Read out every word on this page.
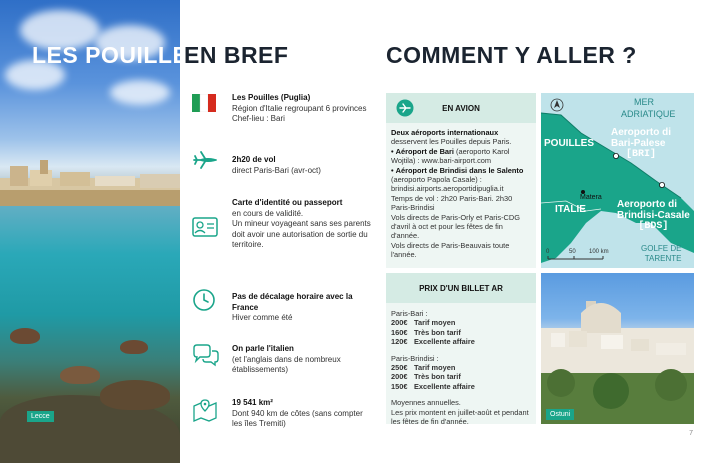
Lecce
LES POUILLES
EN BREF	COMMENT Y ALLER ?
Les Pouilles (Puglia)
Région d'Italie regroupant 6 provinces
Chef-lieu : Bari
2h20 de vol
direct Paris-Bari (avr-oct)
Carte d'identité ou passeport
en cours de validité.
Un mineur voyageant sans ses parents doit avoir une autorisation de sortie du territoire.
Pas de décalage horaire avec la France
Hiver comme été
On parle l'italien
(et l'anglais dans de nombreux établissements)
19 541 km²
Dont 940 km de côtes (sans compter les îles Tremiti)
EN AVION
Deux aéroports internationaux
desservent les Pouilles depuis Paris.
• Aéroport de Bari (aeroporto Karol Wojtila) : www.bari-airport.com
• Aéroport de Brindisi dans le Salento (aeroporto Papola Casale) : brindisi.airports.aeroportidipuglia.it
Temps de vol : 2h20 Paris-Bari. 2h30 Paris-Brindisi
Vols directs de Paris-Orly et Paris-CDG d'avril à oct et pour les fêtes de fin d'année.
Vols directs de Paris-Beauvais toute l'année.
PRIX D'UN BILLET AR
Paris-Bari :
200€ Tarif moyen
160€ Très bon tarif
120€ Excellente affaire
Paris-Brindisi :
250€ Tarif moyen
200€ Très bon tarif
150€ Excellente affaire
Moyennes annuelles.
Les prix montent en juillet-août et pendant les fêtes de fin d'année.
MER
ADRIATIQUE
POUILLES
Aeroporto di
Bari-Palese
[BRI]
Matera
ITALIE	Aeroporto di
Brindisi-Casale
[BDS]
GOLFE DE
TARENTE
0	50 100 km
Ostuni
7
